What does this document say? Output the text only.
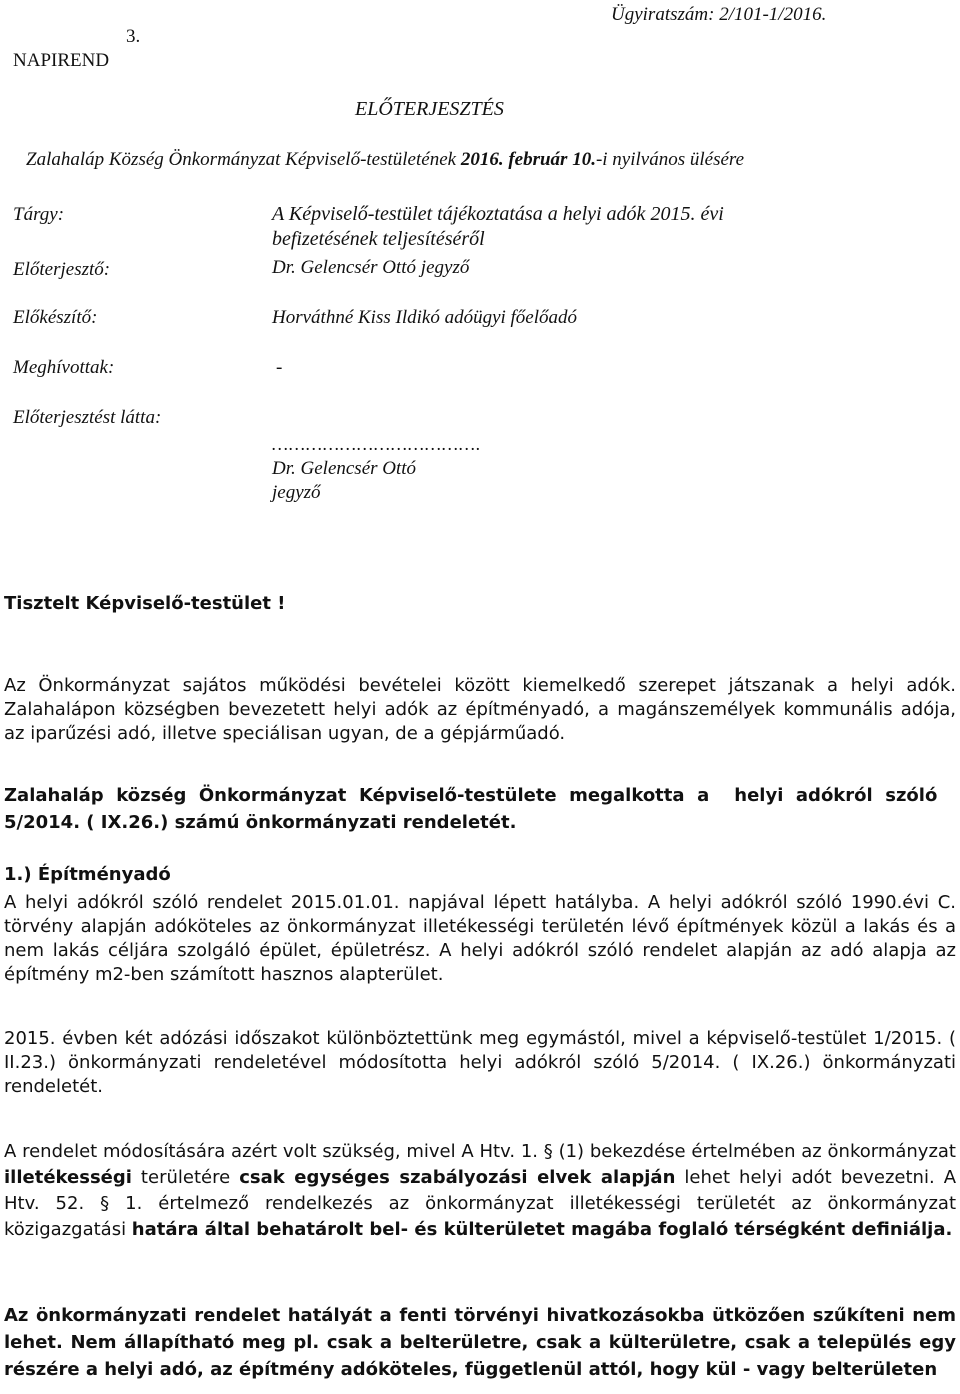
NAPIREND
3.
Ügyiratszám: 2/101-1/2016.
ELŐTERJESZTÉS
Zalahaláp Község Önkormányzat Képviselő-testületének 2016. február 10.-i nyilvános ülésére
Tárgy:	A Képviselő-testület tájékoztatása a helyi adók 2015. évi
befizetésének teljesítéséről
Előterjesztő:	Dr. Gelencsér Ottó jegyző
Előkészítő:	Horváthné Kiss Ildikó adóügyi főelőadó
Meghívottak:	-
Előterjesztést látta:
……………………………….
Dr. Gelencsér Ottó
jegyző
Tisztelt Képviselő-testület !
Az Önkormányzat sajátos működési bevételei között kiemelkedő szerepet játszanak a helyi adók. Zalahalápon községben bevezetett helyi adók az építményadó, a magánszemélyek kommunális adója, az iparűzési adó, illetve speciálisan ugyan, de a gépjárműadó.
Zalahaláp  község  Önkormányzat  Képviselő-testülete  megalkotta  a    helyi  adókról  szóló
5/2014. ( IX.26.) számú önkormányzati rendeletét.
1.) Építményadó
A helyi adókról szóló rendelet 2015.01.01. napjával lépett hatályba. A helyi adókról szóló 1990.évi C. törvény alapján adóköteles az önkormányzat illetékességi területén lévő építmények közül a lakás és a nem lakás céljára szolgáló épület, épületrész. A helyi adókról szóló rendelet alapján az adó alapja az építmény m2-ben számított hasznos alapterület.
2015. évben két adózási időszakot különböztettünk meg egymástól, mivel a képviselő-testület 1/2015. ( II.23.) önkormányzati rendeletével módosította helyi adókról szóló 5/2014. ( IX.26.) önkormányzati rendeletét.
A rendelet módosítására azért volt szükség, mivel A Htv. 1. § (1) bekezdése értelmében az önkormányzat illetékességi területére csak egységes szabályozási elvek alapján lehet helyi adót bevezetni. A Htv. 52. § 1. értelmező rendelkezés az önkormányzat illetékességi területét az önkormányzat közigazgatási határa által behatárolt bel- és külterületet magába foglaló térségként definiálja.
Az önkormányzati rendelet hatályát a fenti törvényi hivatkozásokba ütközően szűkíteni nem lehet. Nem állapítható meg pl. csak a belterületre, csak a külterületre, csak a település egy részére a helyi adó, az építmény adóköteles, függetlenül attól, hogy kül - vagy belterületen
